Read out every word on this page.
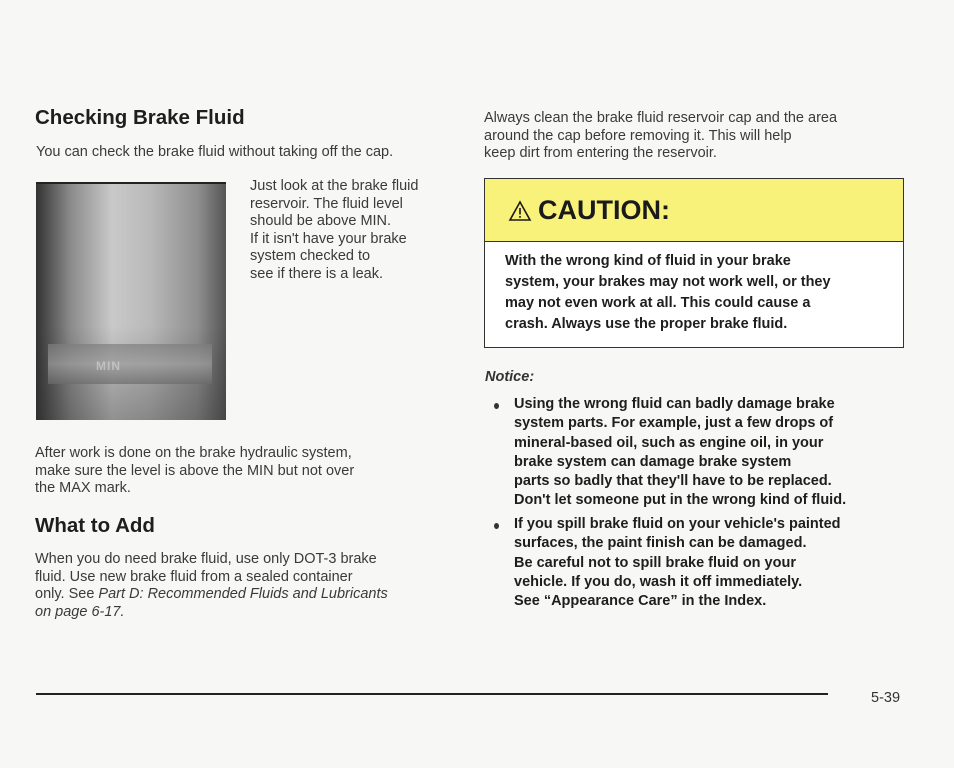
Checking Brake Fluid
You can check the brake fluid without taking off the cap.
MIN
Just look at the brake fluid
reservoir. The fluid level
should be above MIN.
If it isn't have your brake
system checked to
see if there is a leak.
After work is done on the brake hydraulic system,
make sure the level is above the MIN but not over
the MAX mark.
What to Add
When you do need brake fluid, use only DOT-3 brake
fluid. Use new brake fluid from a sealed container
only. See Part D: Recommended Fluids and Lubricants
on page 6-17.
Always clean the brake fluid reservoir cap and the area
around the cap before removing it. This will help
keep dirt from entering the reservoir.
CAUTION:
With the wrong kind of fluid in your brake
system, your brakes may not work well, or they
may not even work at all. This could cause a
crash. Always use the proper brake fluid.
Notice:
Using the wrong fluid can badly damage brake
system parts. For example, just a few drops of
mineral-based oil, such as engine oil, in your
brake system can damage brake system
parts so badly that they'll have to be replaced.
Don't let someone put in the wrong kind of fluid.
If you spill brake fluid on your vehicle's painted
surfaces, the paint finish can be damaged.
Be careful not to spill brake fluid on your
vehicle. If you do, wash it off immediately.
See “Appearance Care” in the Index.
5-39
